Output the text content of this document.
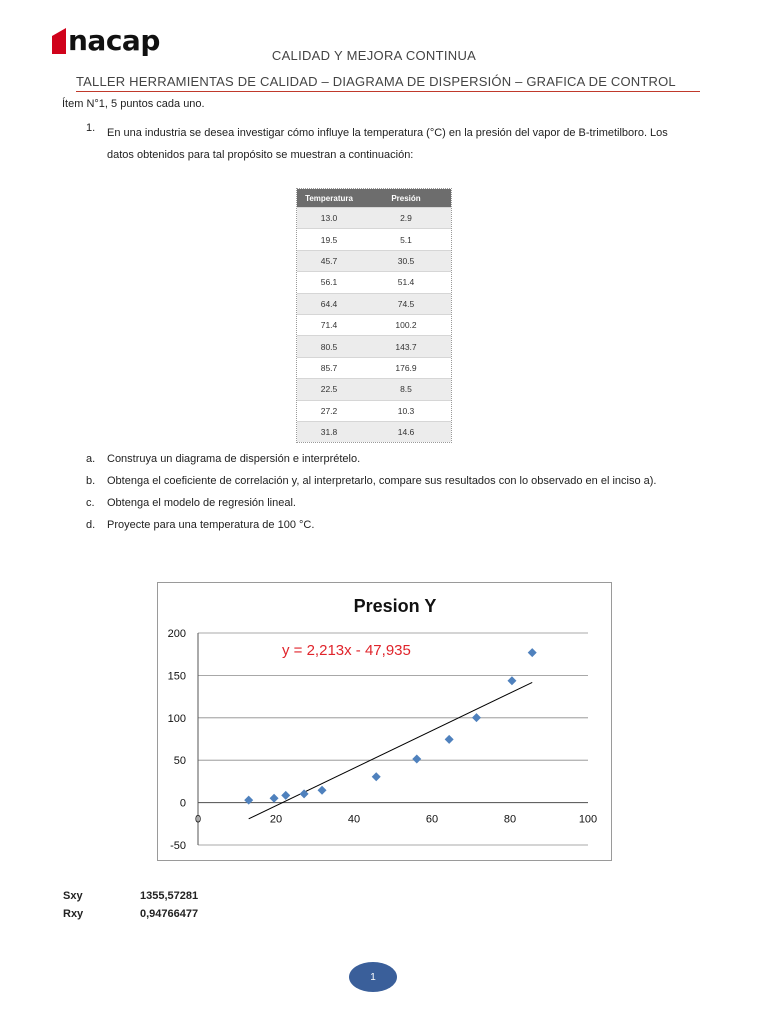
nacap	CALIDAD Y MEJORA CONTINUA
TALLER HERRAMIENTAS DE CALIDAD – DIAGRAMA DE DISPERSIÓN – GRAFICA DE CONTROL
Ítem N°1, 5 puntos cada uno.
1. En una industria se desea investigar cómo influye la temperatura (°C) en la presión del vapor de B-trimetilboro. Los datos obtenidos para tal propósito se muestran a continuación:
Temperatura	Presión
13.0	2.9
19.5	5.1
45.7	30.5
56.1	51.4
64.4	74.5
71.4	100.2
80.5	143.7
85.7	176.9
22.5	8.5
27.2	10.3
31.8	14.6
a.	Construya un diagrama de dispersión e interprételo.
b.	Obtenga el coeficiente de correlación y, al interpretarlo, compare sus resultados con lo observado en el inciso a).
c.	Obtenga el modelo de regresión lineal.
d.	Proyecte para una temperatura de 100 °C.
Presion Y
200
150
100
50
0
-50
0	20	40	60	80	100
y = 2,213x - 47,935
Sxy	1355,57281
Rxy	0,94766477
1
